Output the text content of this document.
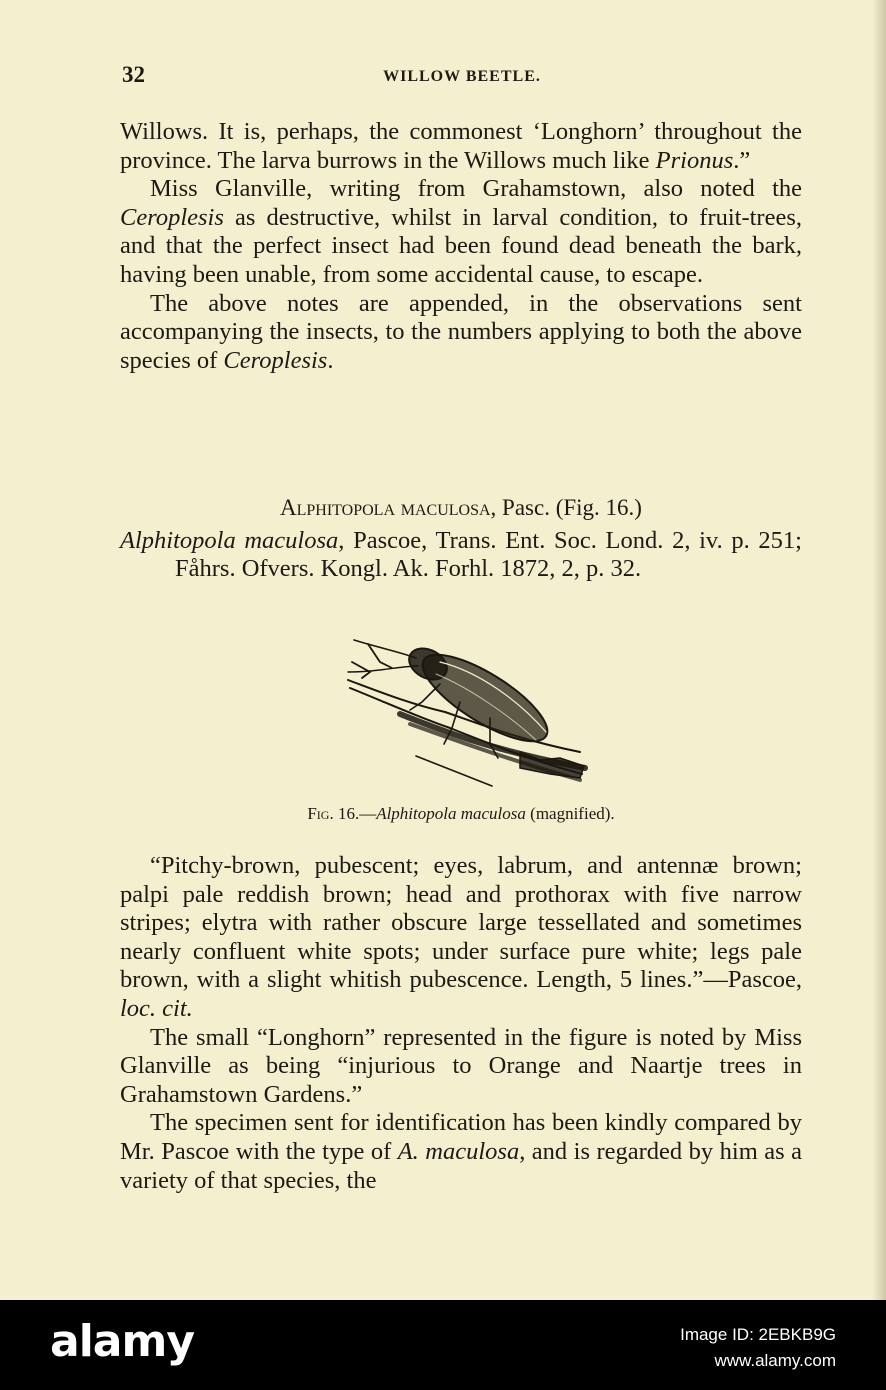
32	WILLOW BEETLE.

Willows. It is, perhaps, the commonest ‘Longhorn’ throughout the province. The larva burrows in the Willows much like Prionus.”

Miss Glanville, writing from Grahamstown, also noted the Ceroplesis as destructive, whilst in larval condition, to fruit-trees, and that the perfect insect had been found dead beneath the bark, having been unable, from some accidental cause, to escape.

The above notes are appended, in the observations sent accompanying the insects, to the numbers applying to both the above species of Ceroplesis.

Alphitopola maculosa, Pasc. (Fig. 16.)

Alphitopola maculosa, Pascoe, Trans. Ent. Soc. Lond. 2, iv. p. 251; Fåhrs. Ofvers. Kongl. Ak. Forhl. 1872, 2, p. 32.

Fig. 16.—Alphitopola maculosa (magnified).

“Pitchy-brown, pubescent; eyes, labrum, and antennæ brown; palpi pale reddish brown; head and prothorax with five narrow stripes; elytra with rather obscure large tessellated and sometimes nearly confluent white spots; under surface pure white; legs pale brown, with a slight whitish pubescence. Length, 5 lines.”—Pascoe, loc. cit.

The small “Longhorn” represented in the figure is noted by Miss Glanville as being “injurious to Orange and Naartje trees in Grahamstown Gardens.”

The specimen sent for identification has been kindly compared by Mr. Pascoe with the type of A. maculosa, and is regarded by him as a variety of that species, the

alamy	Image ID: 2EBKB9G
www.alamy.com
